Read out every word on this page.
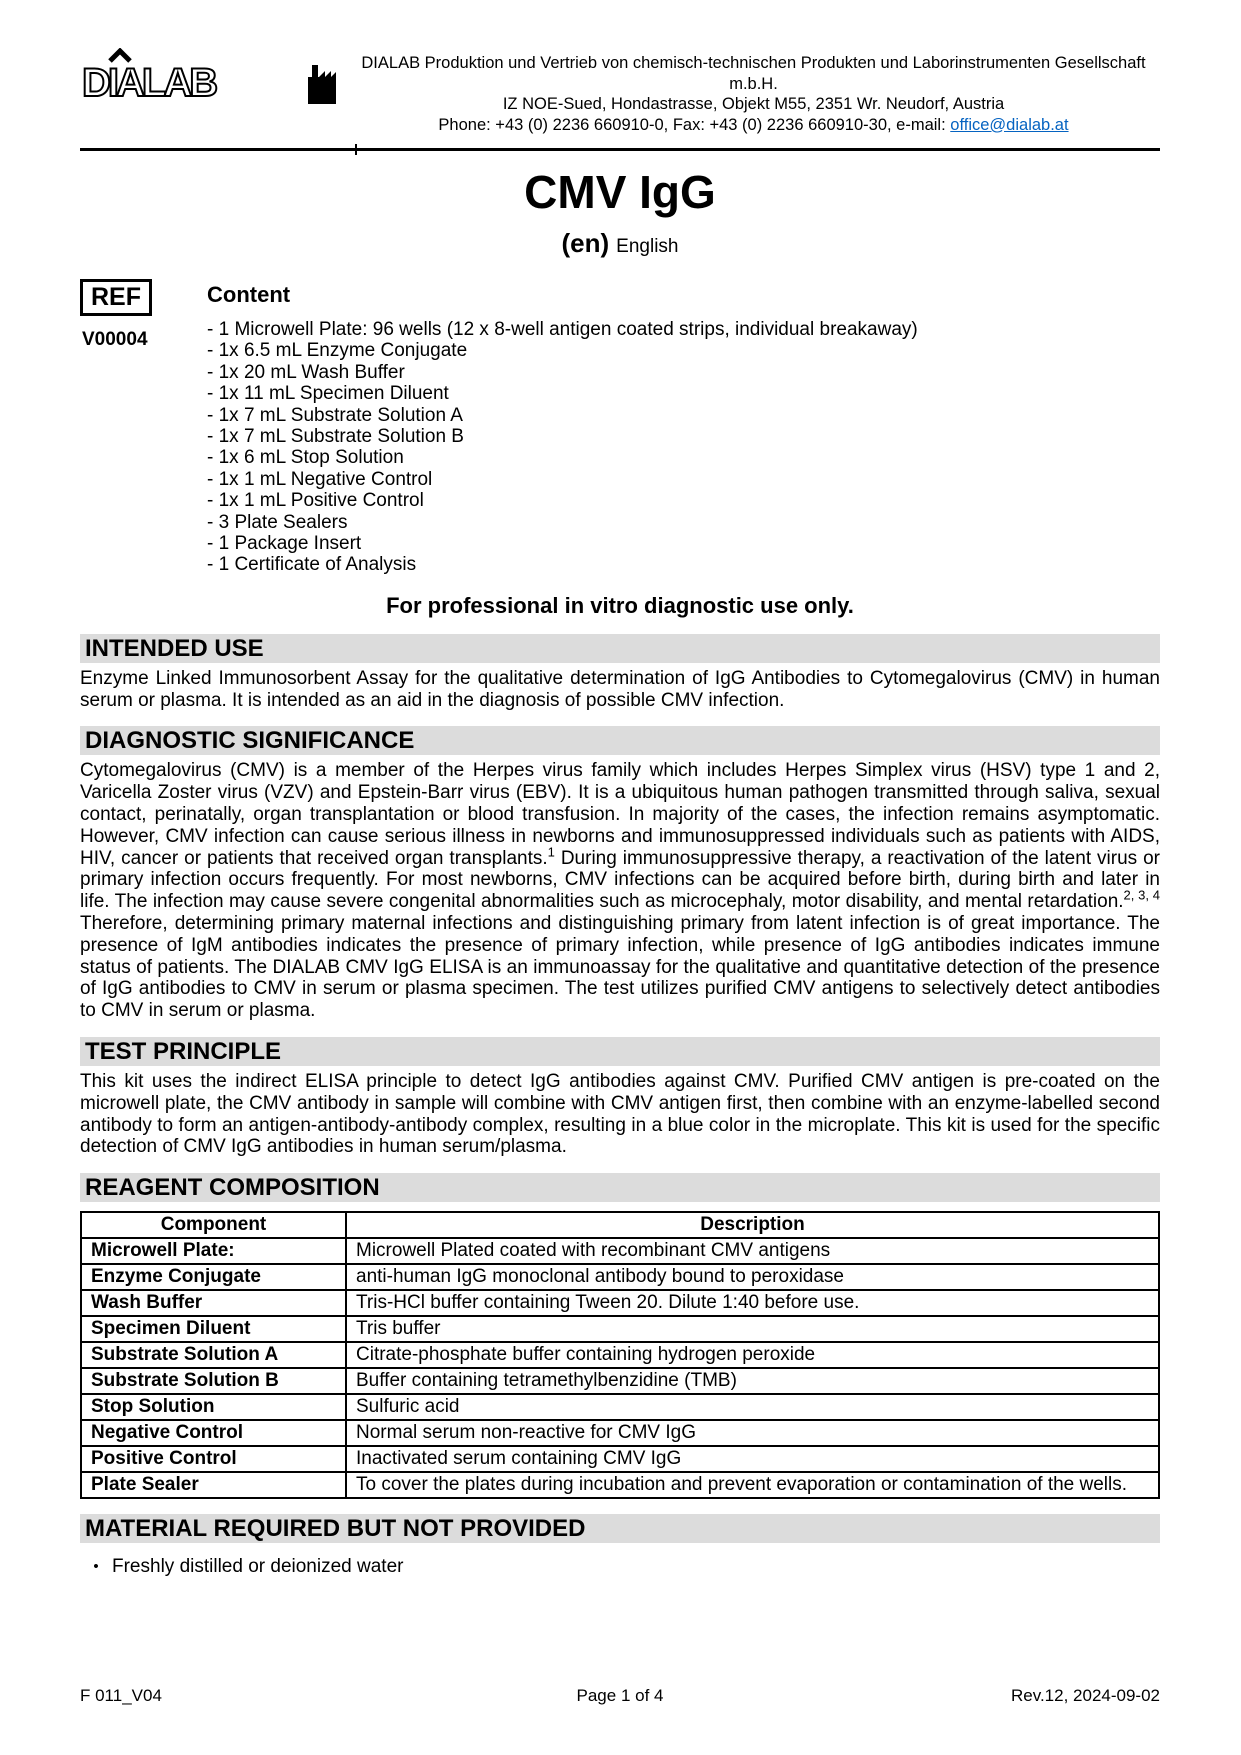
DIALAB	DIALAB Produktion und Vertrieb von chemisch-technischen Produkten und Laborinstrumenten Gesellschaft m.b.H.
IZ NOE-Sued, Hondastrasse, Objekt M55, 2351 Wr. Neudorf, Austria
Phone: +43 (0) 2236 660910-0, Fax: +43 (0) 2236 660910-30, e-mail: office@dialab.at
CMV IgG
(en) English
REF
V00004
Content
- 1 Microwell Plate: 96 wells (12 x 8-well antigen coated strips, individual breakaway)
- 1x 6.5 mL Enzyme Conjugate
- 1x 20 mL Wash Buffer
- 1x 11 mL Specimen Diluent
- 1x 7 mL Substrate Solution A
- 1x 7 mL Substrate Solution B
- 1x 6 mL Stop Solution
- 1x 1 mL Negative Control
- 1x 1 mL Positive Control
- 3 Plate Sealers
- 1 Package Insert
- 1 Certificate of Analysis
For professional in vitro diagnostic use only.
INTENDED USE
Enzyme Linked Immunosorbent Assay for the qualitative determination of IgG Antibodies to Cytomegalovirus (CMV) in human serum or plasma. It is intended as an aid in the diagnosis of possible CMV infection.
DIAGNOSTIC SIGNIFICANCE
Cytomegalovirus (CMV) is a member of the Herpes virus family which includes Herpes Simplex virus (HSV) type 1 and 2, Varicella Zoster virus (VZV) and Epstein-Barr virus (EBV). It is a ubiquitous human pathogen transmitted through saliva, sexual contact, perinatally, organ transplantation or blood transfusion. In majority of the cases, the infection remains asymptomatic. However, CMV infection can cause serious illness in newborns and immunosuppressed individuals such as patients with AIDS, HIV, cancer or patients that received organ transplants.$^1$ During immunosuppressive therapy, a reactivation of the latent virus or primary infection occurs frequently. For most newborns, CMV infections can be acquired before birth, during birth and later in life. The infection may cause severe congenital abnormalities such as microcephaly, motor disability, and mental retardation.$^{2, 3, 4}$ Therefore, determining primary maternal infections and distinguishing primary from latent infection is of great importance. The presence of IgM antibodies indicates the presence of primary infection, while presence of IgG antibodies indicates immune status of patients. The DIALAB CMV IgG ELISA is an immunoassay for the qualitative and quantitative detection of the presence of IgG antibodies to CMV in serum or plasma specimen. The test utilizes purified CMV antigens to selectively detect antibodies to CMV in serum or plasma.
TEST PRINCIPLE
This kit uses the indirect ELISA principle to detect IgG antibodies against CMV. Purified CMV antigen is pre-coated on the microwell plate, the CMV antibody in sample will combine with CMV antigen first, then combine with an enzyme-labelled second antibody to form an antigen-antibody-antibody complex, resulting in a blue color in the microplate. This kit is used for the specific detection of CMV IgG antibodies in human serum/plasma.
REAGENT COMPOSITION
Component	Description
Microwell Plate:	Microwell Plated coated with recombinant CMV antigens
Enzyme Conjugate	anti-human IgG monoclonal antibody bound to peroxidase
Wash Buffer	Tris-HCl buffer containing Tween 20. Dilute 1:40 before use.
Specimen Diluent	Tris buffer
Substrate Solution A	Citrate-phosphate buffer containing hydrogen peroxide
Substrate Solution B	Buffer containing tetramethylbenzidine (TMB)
Stop Solution	Sulfuric acid
Negative Control	Normal serum non-reactive for CMV IgG
Positive Control	Inactivated serum containing CMV IgG
Plate Sealer	To cover the plates during incubation and prevent evaporation or contamination of the wells.
MATERIAL REQUIRED BUT NOT PROVIDED
• Freshly distilled or deionized water
F 011_V04	Page 1 of 4	Rev.12, 2024-09-02
